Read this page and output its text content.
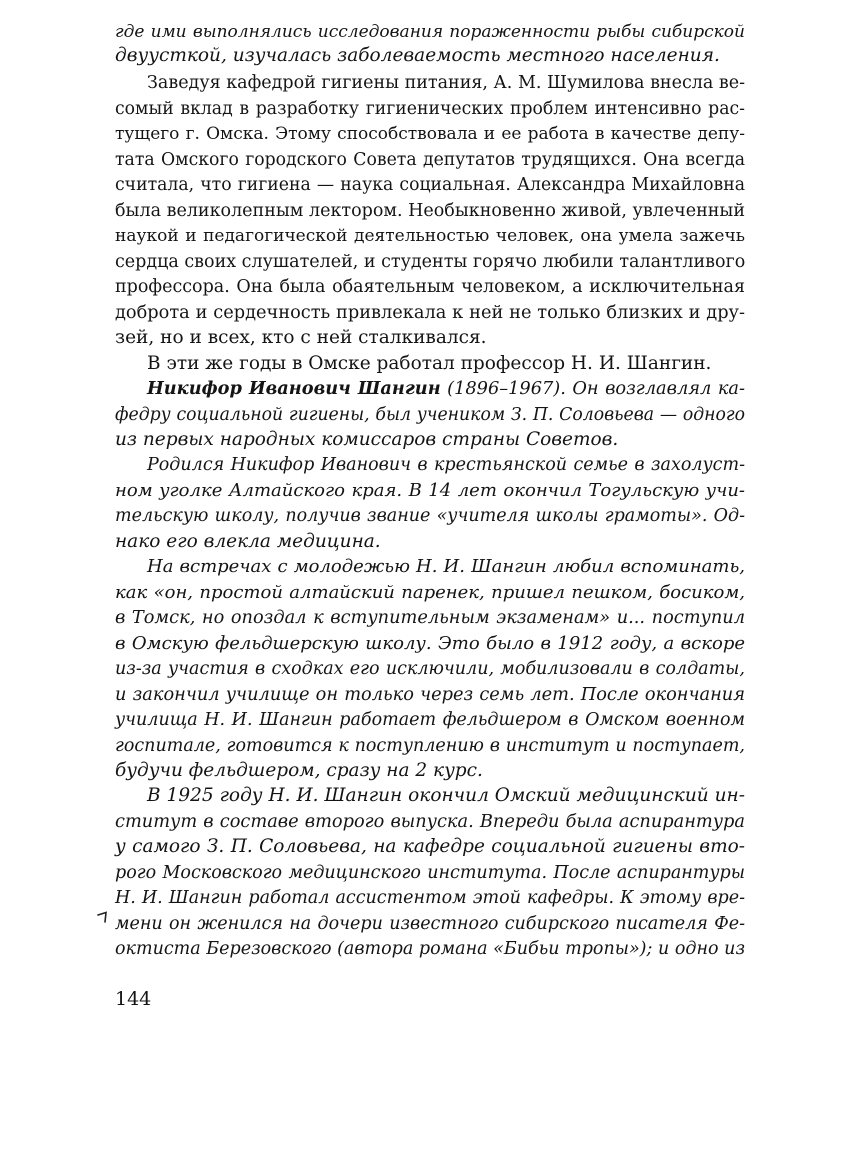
где ими выполнялись исследования пораженности рыбы сибирской
двуусткой, изучалась заболеваемость местного населения.
Заведуя кафедрой гигиены питания, А. М. Шумилова внесла ве-
сомый вклад в разработку гигиенических проблем интенсивно рас-
тущего г. Омска. Этому способствовала и ее работа в качестве депу-
тата Омского городского Совета депутатов трудящихся. Она всегда
считала, что гигиена — наука социальная. Александра Михайловна
была великолепным лектором. Необыкновенно живой, увлеченный
наукой и педагогической деятельностью человек, она умела зажечь
сердца своих слушателей, и студенты горячо любили талантливого
профессора. Она была обаятельным человеком, а исключительная
доброта и сердечность привлекала к ней не только близких и дру-
зей, но и всех, кто с ней сталкивался.
В эти же годы в Омске работал профессор Н. И. Шангин.
Никифор Иванович Шангин (1896–1967). Он возглавлял ка-
федру социальной гигиены, был учеником З. П. Соловьева — одного
из первых народных комиссаров страны Советов.
Родился Никифор Иванович в крестьянской семье в захолуст-
ном уголке Алтайского края. В 14 лет окончил Тогульскую учи-
тельскую школу, получив звание «учителя школы грамоты». Од-
нако его влекла медицина.
На встречах с молодежью Н. И. Шангин любил вспоминать,
как «он, простой алтайский паренек, пришел пешком, босиком,
в Томск, но опоздал к вступительным экзаменам» и... поступил
в Омскую фельдшерскую школу. Это было в 1912 году, а вскоре
из-за участия в сходках его исключили, мобилизовали в солдаты,
и закончил училище он только через семь лет. После окончания
училища Н. И. Шангин работает фельдшером в Омском военном
госпитале, готовится к поступлению в институт и поступает,
будучи фельдшером, сразу на 2 курс.
В 1925 году Н. И. Шангин окончил Омский медицинский ин-
ститут в составе второго выпуска. Впереди была аспирантура
у самого З. П. Соловьева, на кафедре социальной гигиены вто-
рого Московского медицинского института. После аспирантуры
Н. И. Шангин работал ассистентом этой кафедры. К этому вре-
мени он женился на дочери известного сибирского писателя Фе-
октиста Березовского (автора романа «Бибьи тропы»); и одно из
144
